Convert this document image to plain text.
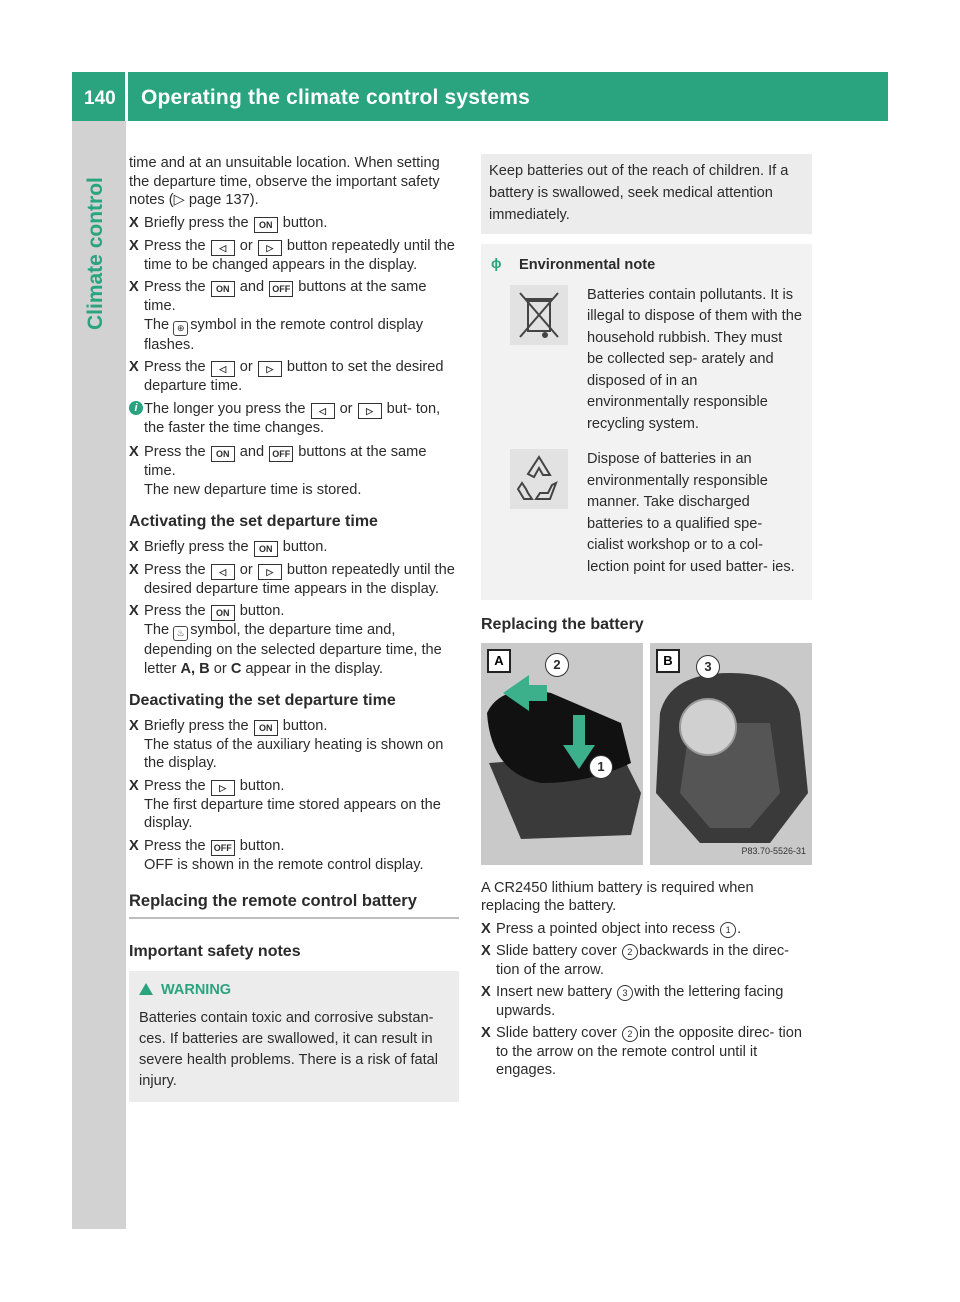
140 Operating the climate control systems
Climate control

time and at an unsuitable location. When setting the departure time, observe the important safety notes (▷ page 137).

X Briefly press the ON button.
X Press the ◁ or ▷ button repeatedly until the time to be changed appears in the display.
X Press the ON and OFF buttons at the same time.
The ⊕ symbol in the remote control display flashes.
X Press the ◁ or ▷ button to set the desired departure time.
i The longer you press the ◁ or ▷ but- ton, the faster the time changes.
X Press the ON and OFF buttons at the same time.
The new departure time is stored.
Activating the set departure time
X Briefly press the ON button.
X Press the ◁ or ▷ button repeatedly until the desired departure time appears in the display.
X Press the ON button.
The ♨ symbol, the departure time and, depending on the selected departure time, the letter A, B or C appear in the display.
Deactivating the set departure time
X Briefly press the ON button.
The status of the auxiliary heating is shown on the display.
X Press the ▷ button.
The first departure time stored appears on the display.
X Press the OFF button.
OFF is shown in the remote control display.
Replacing the remote control battery
Important safety notes
WARNING
Batteries contain toxic and corrosive substan- ces. If batteries are swallowed, it can result in severe health problems. There is a risk of fatal injury.
Keep batteries out of the reach of children. If a battery is swallowed, seek medical attention immediately.
ϕ Environmental note
Batteries contain pollutants. It is illegal to dispose of them with the household rubbish. They must be collected sep- arately and disposed of in an environmentally responsible recycling system.
Dispose of batteries in an environmentally responsible manner. Take discharged batteries to a qualified spe- cialist workshop or to a col- lection point for used batter- ies.
Replacing the battery
A	2
1
B	3
P83.70-5526-31

A CR2450 lithium battery is required when replacing the battery.

X Press a pointed object into recess 1 .
X Slide battery cover 2 backwards in the direc- tion of the arrow.
X Insert new battery 3 with the lettering facing upwards.
X Slide battery cover 2 in the opposite direc- tion to the arrow on the remote control until it engages.
